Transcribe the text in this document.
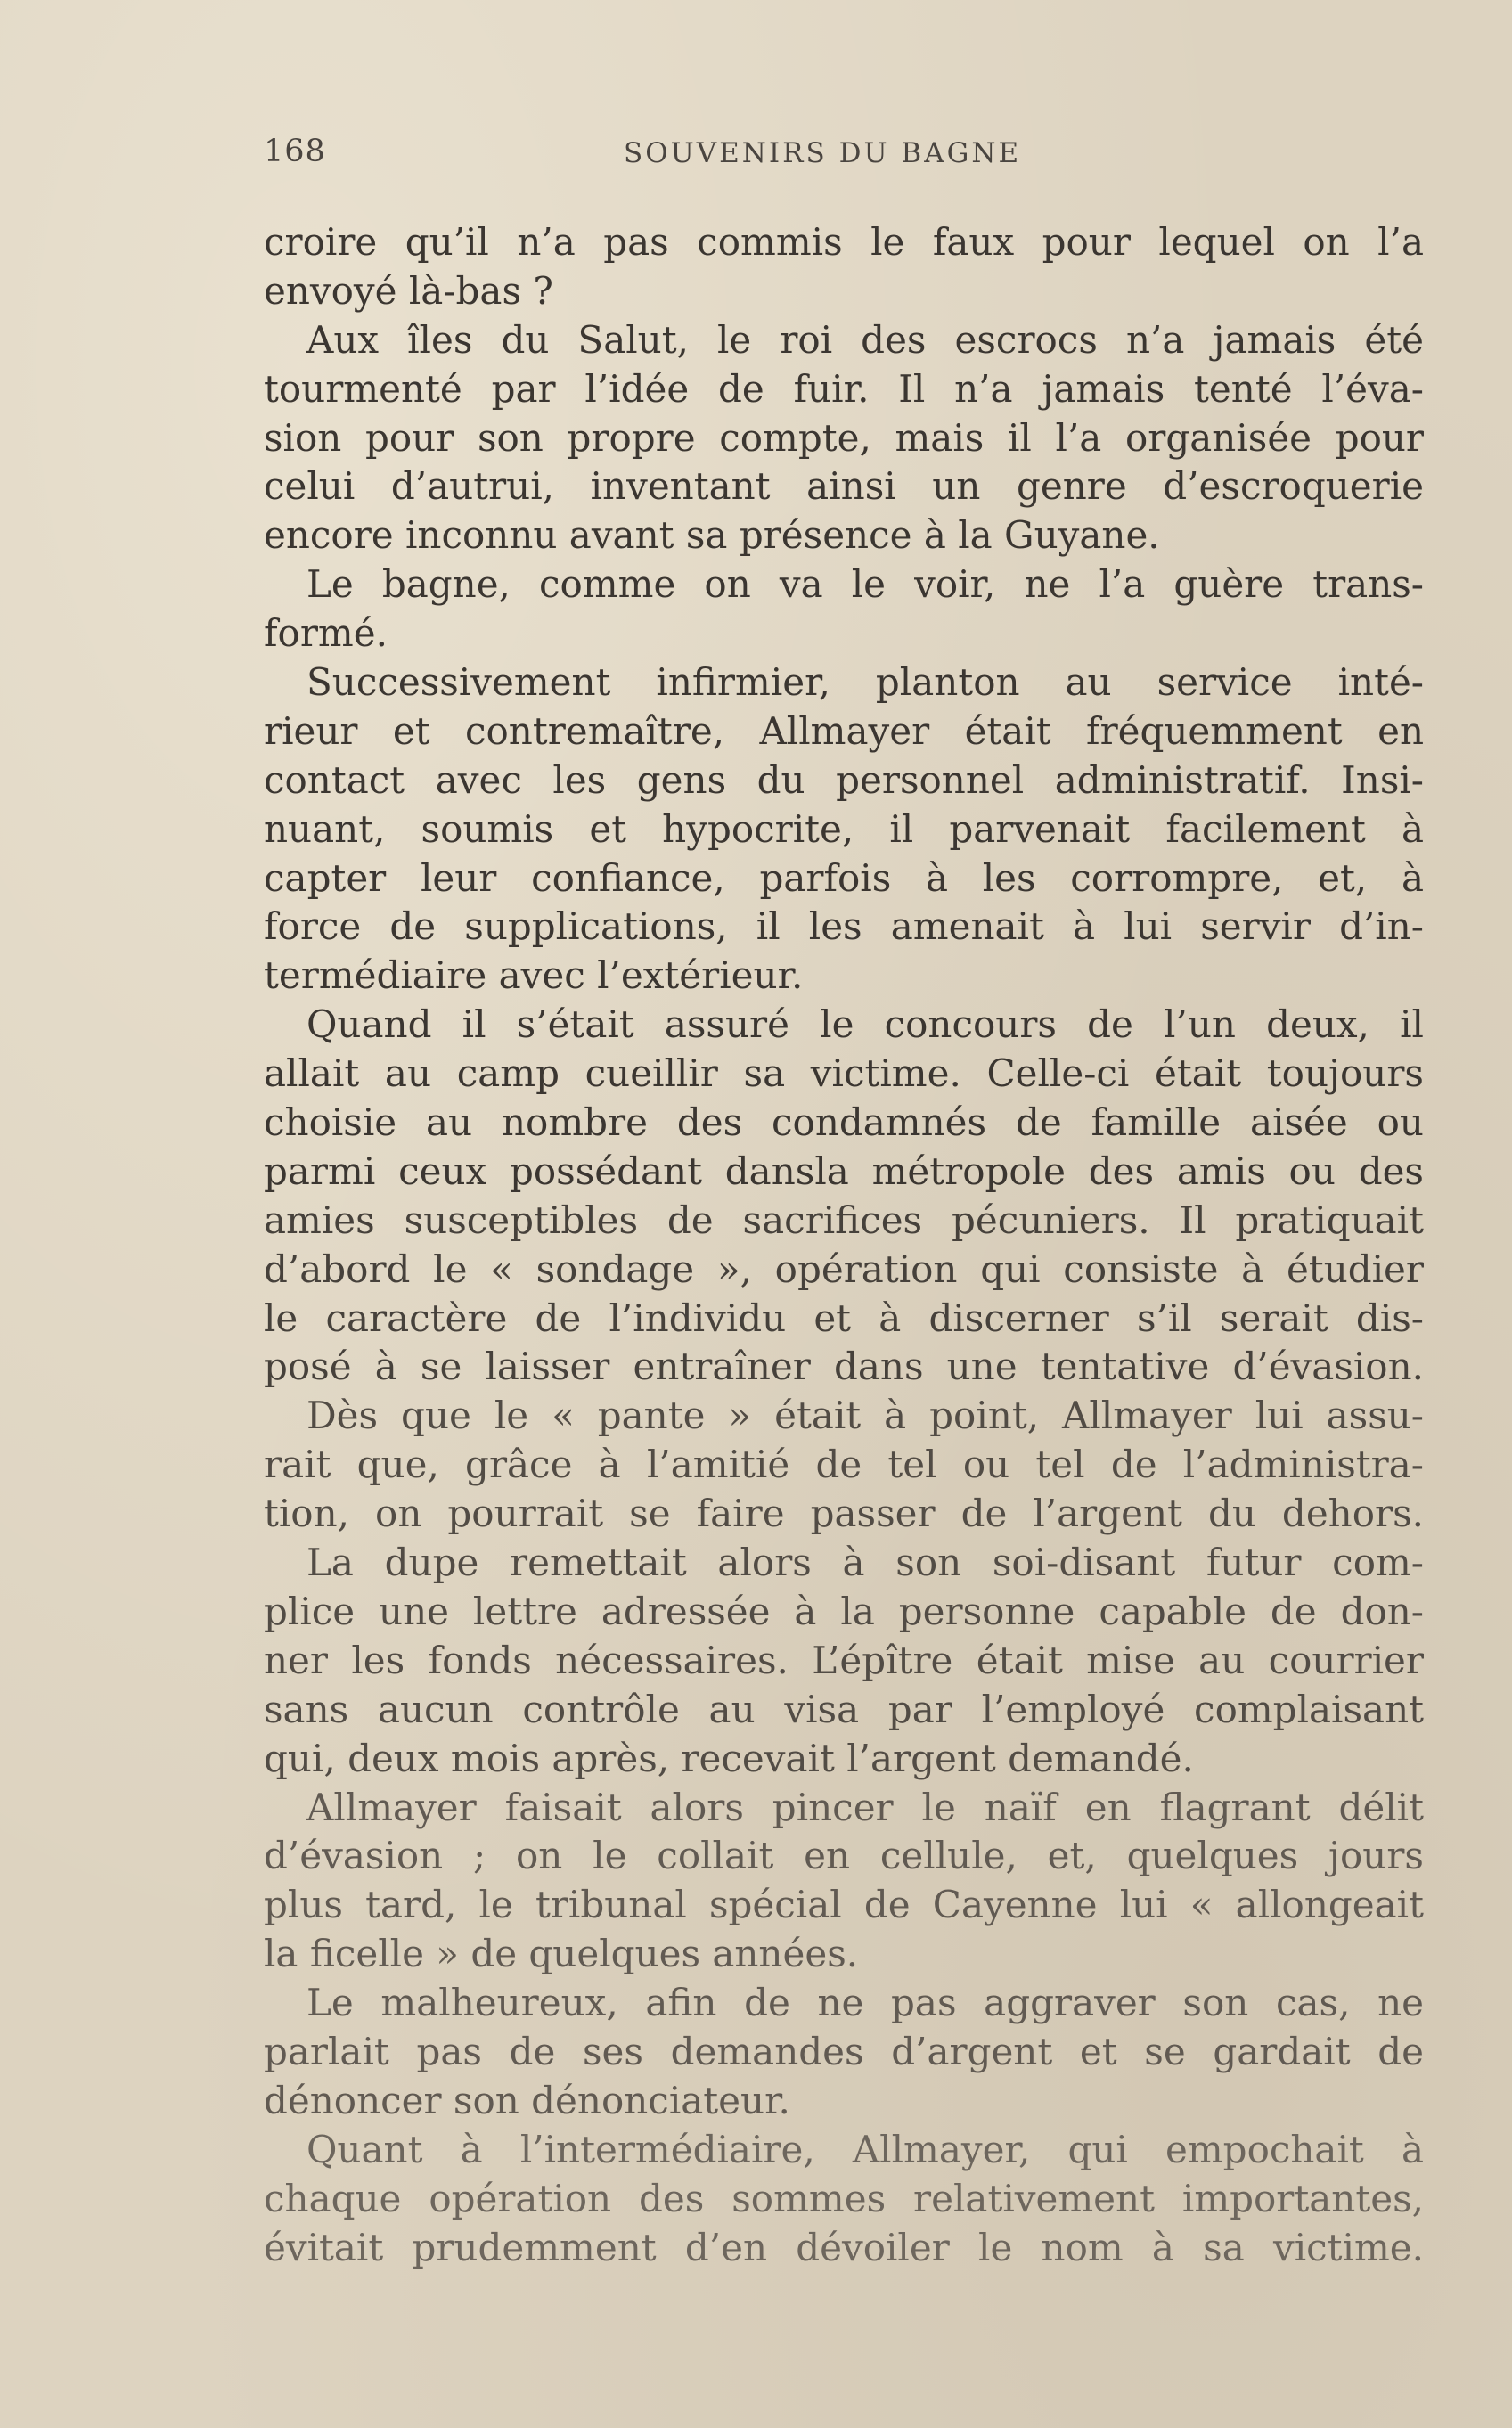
168	SOUVENIRS DU BAGNE
croire qu’il n’a pas commis le faux pour lequel on l’a
envoyé là-bas ?
Aux îles du Salut, le roi des escrocs n’a jamais été
tourmenté par l’idée de fuir. Il n’a jamais tenté l’éva-
sion pour son propre compte, mais il l’a organisée pour
celui d’autrui, inventant ainsi un genre d’escroquerie
encore inconnu avant sa présence à la Guyane.
Le bagne, comme on va le voir, ne l’a guère trans-
formé.
Successivement infirmier, planton au service inté-
rieur et contremaître, Allmayer était fréquemment en
contact avec les gens du personnel administratif. Insi-
nuant, soumis et hypocrite, il parvenait facilement à
capter leur confiance, parfois à les corrompre, et, à
force de supplications, il les amenait à lui servir d’in-
termédiaire avec l’extérieur.
Quand il s’était assuré le concours de l’un deux, il
allait au camp cueillir sa victime. Celle-ci était toujours
choisie au nombre des condamnés de famille aisée ou
parmi ceux possédant dansla métropole des amis ou des
amies susceptibles de sacrifices pécuniers. Il pratiquait
d’abord le « sondage », opération qui consiste à étudier
le caractère de l’individu et à discerner s’il serait dis-
posé à se laisser entraîner dans une tentative d’évasion.
Dès que le « pante » était à point, Allmayer lui assu-
rait que, grâce à l’amitié de tel ou tel de l’administra-
tion, on pourrait se faire passer de l’argent du dehors.
La dupe remettait alors à son soi-disant futur com-
plice une lettre adressée à la personne capable de don-
ner les fonds nécessaires. L’épître était mise au courrier
sans aucun contrôle au visa par l’employé complaisant
qui, deux mois après, recevait l’argent demandé.
Allmayer faisait alors pincer le naïf en flagrant délit
d’évasion ; on le collait en cellule, et, quelques jours
plus tard, le tribunal spécial de Cayenne lui « allongeait
la ficelle » de quelques années.
Le malheureux, afin de ne pas aggraver son cas, ne
parlait pas de ses demandes d’argent et se gardait de
dénoncer son dénonciateur.
Quant à l’intermédiaire, Allmayer, qui empochait à
chaque opération des sommes relativement importantes,
évitait prudemment d’en dévoiler le nom à sa victime.
